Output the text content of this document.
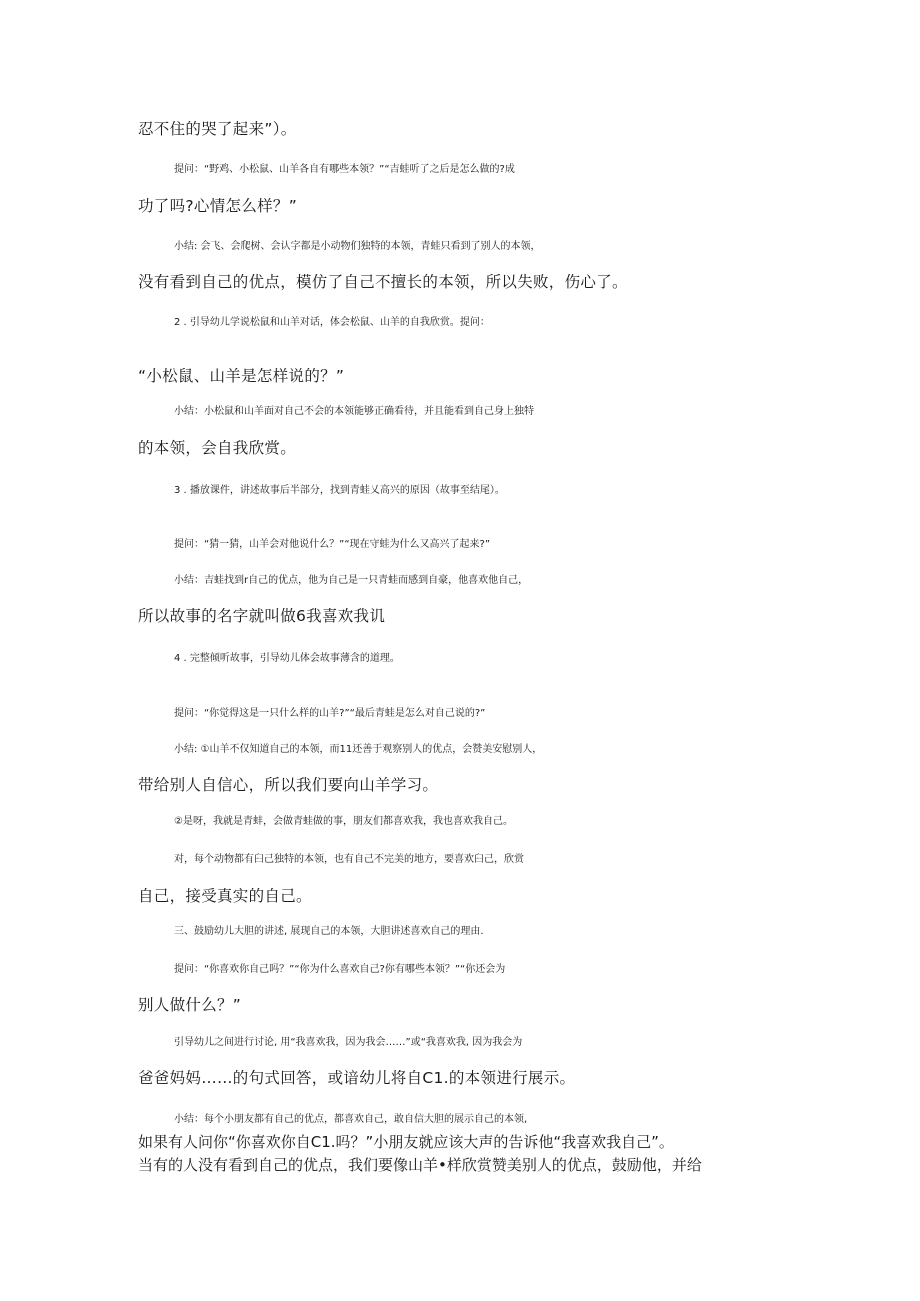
忍不住的哭了起来”）。

提问：“野鸡、小松鼠、山羊各自有哪些本领？”“吉蛙听了之后是怎么做的?成

功了吗?心情怎么样？”

小结: 会飞、会爬树、会认字都是小动物们独特的本领，青蛙只看到了别人的本领，

没有看到自己的优点，模仿了自己不擅长的本领，所以失败，伤心了。

2 . 引导幼儿学说松鼠和山羊对话，体会松鼠、山羊的自我欣赏。提问：

“小松鼠、山羊是怎样说的？”

小结：小松鼠和山羊面对自己不会的本领能够正确看待，并且能看到自己身上独特

的本领，会自我欣赏。

3 . 播放课件，讲述故事后半部分，找到青蛙乂高兴的原因（故事至结尾）。

提问：“猜一猜，山羊会对他说什么？”“现在守蛙为什么又高兴了起来?”

小结：吉蛙找到r自己的优点，他为自己是一只青蛙而感到自豪，他喜欢他自己，

所以故事的名字就叫做6我喜欢我讥

4 . 完整倾听故事，引导幼儿体会故事薄含的道理。

提问：“你觉得这是一只什么样的山羊?”“最后青蛙是怎么对自己说的?”

小结: ①山羊不仅知道自己的本领，而11还善于观察别人的优点，会赞美安慰别人，

带给别人自信心，所以我们要向山羊学习。

②是呀，我就是青蚌，会做青蛙做的事，朋友们都喜欢我，我也喜欢我自己。

对，每个动物都有臼己独特的本领，也有自己不完美的地方，要喜欢臼己，欣赏

自己，接受真实的自己。

三、鼓励幼儿大胆的讲述, 展现自己的本领，大胆讲述喜欢自己的理由.

提问：“你喜欢你自己吗？”“你为什么喜欢自己?你有哪些本领？”“你还会为

别人做什么？”

引导幼儿之间进行讨论, 用“我喜欢我，因为我会……”或“我喜欢我, 因为我会为

爸爸妈妈……的句式回答，或谙幼儿将自C1.的本领进行展示。

小结：每个小朋友都有自己的优点，都喜欢自己，敢自信大胆的展示自己的本领,

如果有人问你“你喜欢你自C1.吗？”小朋友就应该大声的告诉他“我喜欢我自己”。

当有的人没有看到自己的优点，我们要像山羊•样欣赏赞美别人的优点，鼓励他，并给
